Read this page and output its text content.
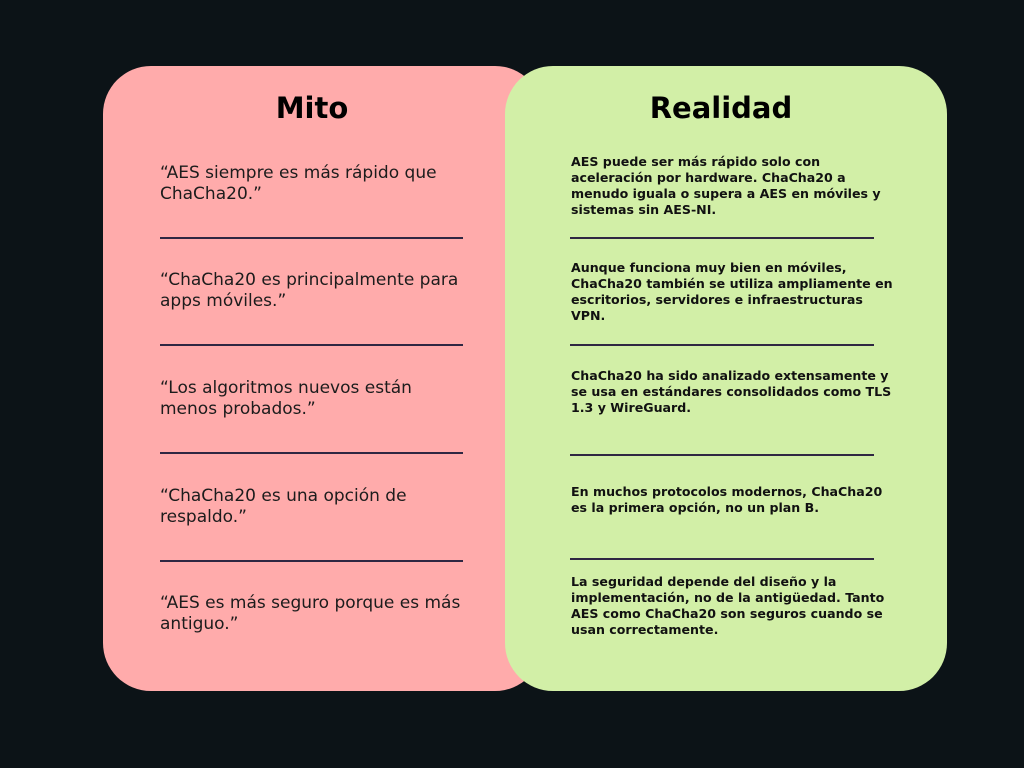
Mito

“AES siempre es más rápido que ChaCha20.”

“ChaCha20 es principalmente para apps móviles.”

“Los algoritmos nuevos están menos probados.”

“ChaCha20 es una opción de respaldo.”

“AES es más seguro porque es más antiguo.”

Realidad

AES puede ser más rápido solo con aceleración por hardware. ChaCha20 a menudo iguala o supera a AES en móviles y sistemas sin AES-NI.

Aunque funciona muy bien en móviles, ChaCha20 también se utiliza ampliamente en escritorios, servidores e infraestructuras VPN.

ChaCha20 ha sido analizado extensamente y se usa en estándares consolidados como TLS 1.3 y WireGuard.

En muchos protocolos modernos, ChaCha20 es la primera opción, no un plan B.

La seguridad depende del diseño y la implementación, no de la antigüedad. Tanto AES como ChaCha20 son seguros cuando se usan correctamente.
